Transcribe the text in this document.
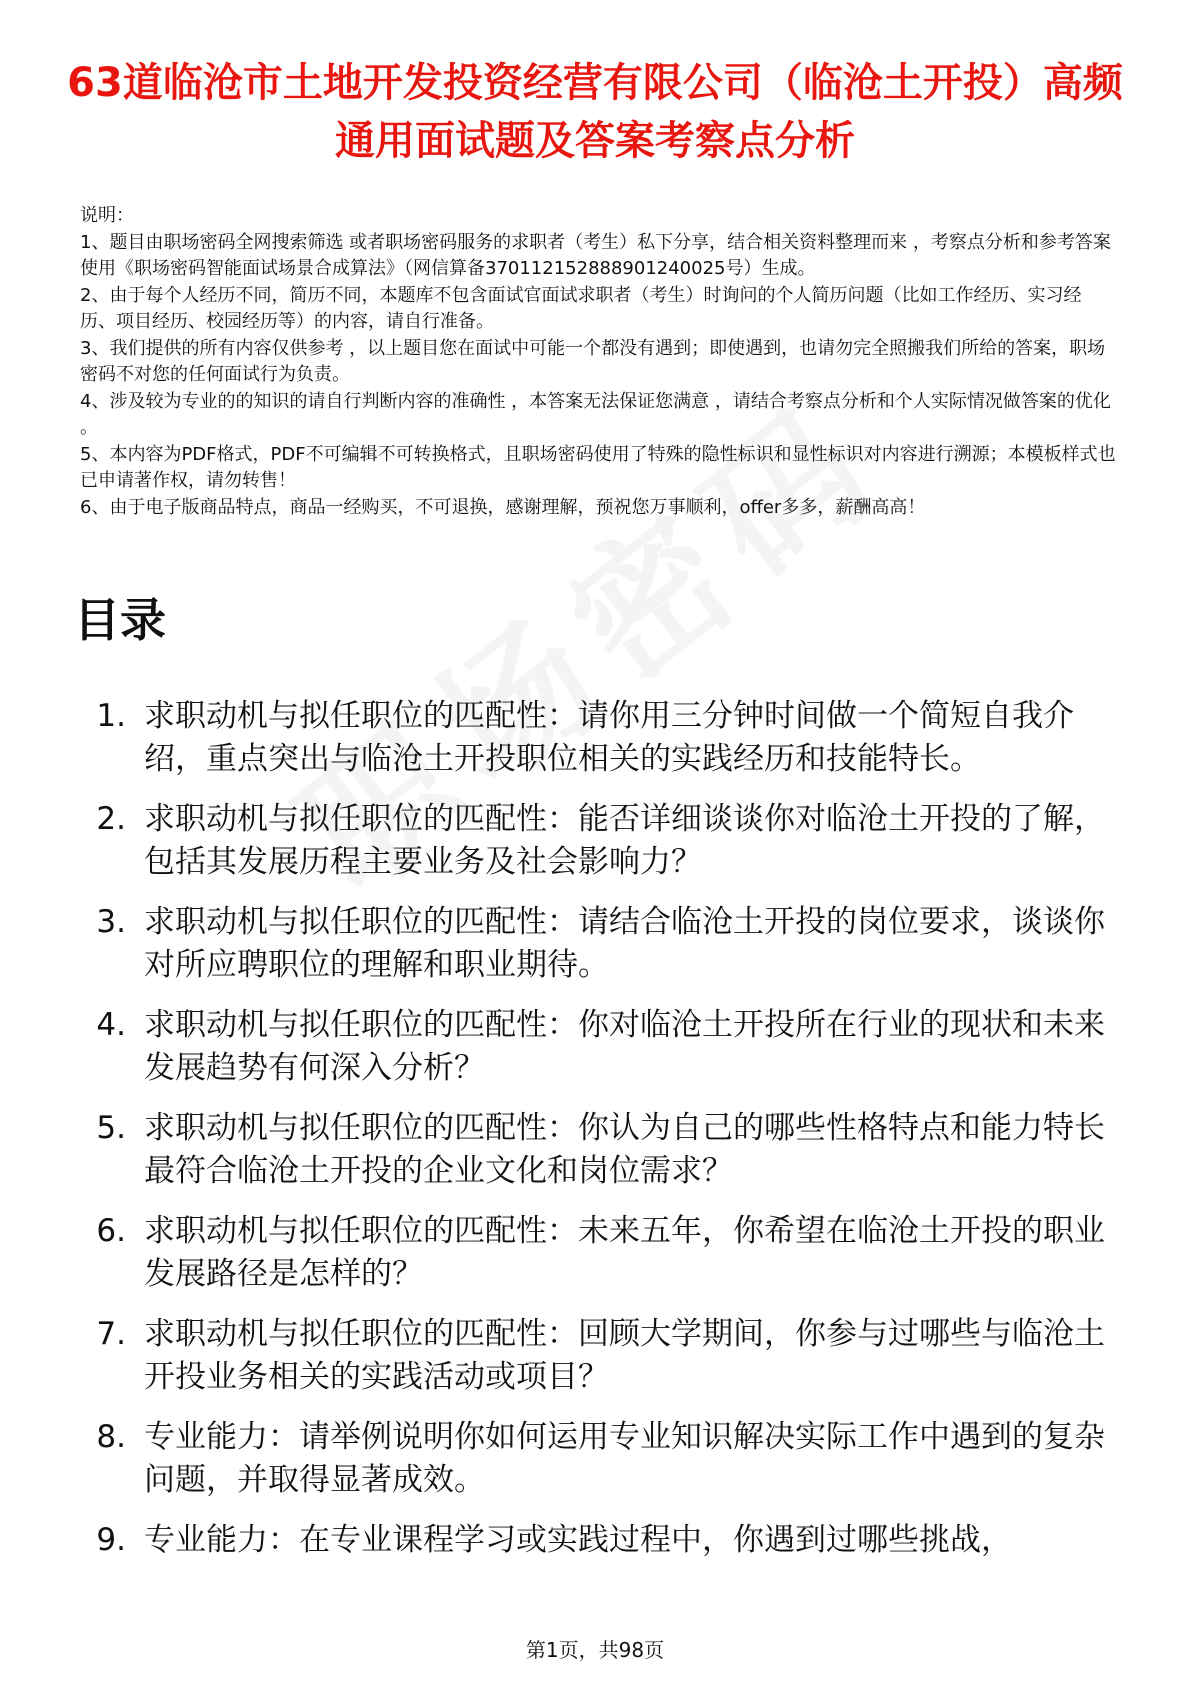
63道临沧市土地开发投资经营有限公司（临沧土开投）高频通用面试题及答案考察点分析

说明：

1、题目由职场密码全网搜索筛选 或者职场密码服务的求职者（考生）私下分享，结合相关资料整理而来 ，考察点分析和参考答案使用《职场密码智能面试场景合成算法》（网信算备370112152888901240025号）生成。

2、由于每个人经历不同，简历不同，本题库不包含面试官面试求职者（考生）时询问的个人简历问题（比如工作经历、实习经历、项目经历、校园经历等）的内容，请自行准备。

3、我们提供的所有内容仅供参考 ，以上题目您在面试中可能一个都没有遇到；即使遇到，也请勿完全照搬我们所给的答案，职场密码不对您的任何面试行为负责。

4、涉及较为专业的的知识的请自行判断内容的准确性 ，本答案无法保证您满意 ，请结合考察点分析和个人实际情况做答案的优化 。

5、本内容为PDF格式，PDF不可编辑不可转换格式，且职场密码使用了特殊的隐性标识和显性标识对内容进行溯源；本模板样式也已申请著作权，请勿转售！

6、由于电子版商品特点，商品一经购买，不可退换，感谢理解，预祝您万事顺利，offer多多，薪酬高高！

目录
1. 求职动机与拟任职位的匹配性：请你用三分钟时间做一个简短自我介绍，重点突出与临沧土开投职位相关的实践经历和技能特长。
2. 求职动机与拟任职位的匹配性：能否详细谈谈你对临沧土开投的了解，包括其发展历程主要业务及社会影响力？
3. 求职动机与拟任职位的匹配性：请结合临沧土开投的岗位要求，谈谈你对所应聘职位的理解和职业期待。
4. 求职动机与拟任职位的匹配性：你对临沧土开投所在行业的现状和未来发展趋势有何深入分析？
5. 求职动机与拟任职位的匹配性：你认为自己的哪些性格特点和能力特长最符合临沧土开投的企业文化和岗位需求？
6. 求职动机与拟任职位的匹配性：未来五年，你希望在临沧土开投的职业发展路径是怎样的？
7. 求职动机与拟任职位的匹配性：回顾大学期间，你参与过哪些与临沧土开投业务相关的实践活动或项目？
8. 专业能力：请举例说明你如何运用专业知识解决实际工作中遇到的复杂问题，并取得显著成效。
9. 专业能力：在专业课程学习或实践过程中，你遇到过哪些挑战，
第1页，共98页
